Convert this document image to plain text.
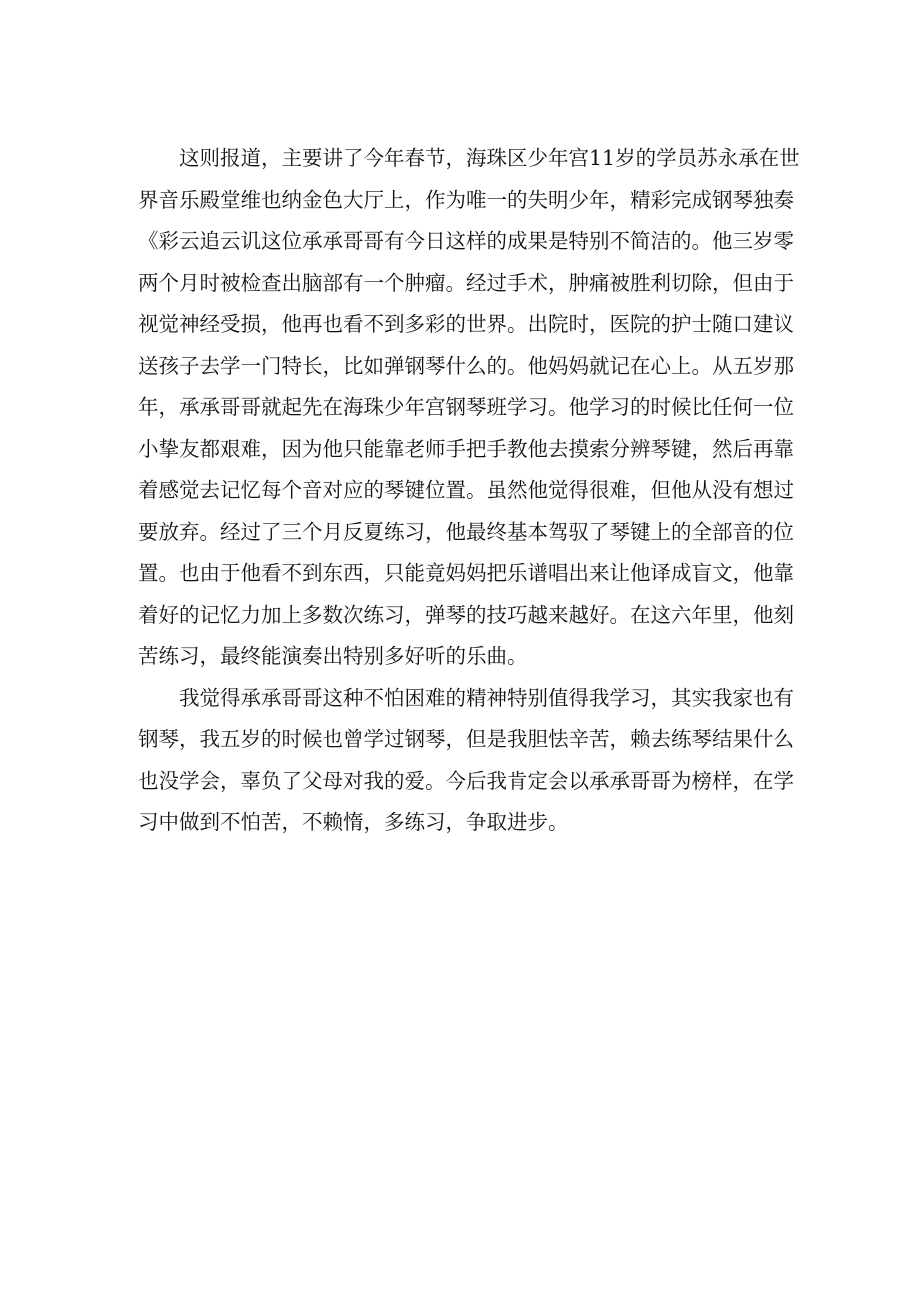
这则报道，主要讲了今年春节，海珠区少年宫11岁的学员苏永承在世
界音乐殿堂维也纳金色大厅上，作为唯一的失明少年，精彩完成钢琴独奏
《彩云追云讥这位承承哥哥有今日这样的成果是特别不简洁的。他三岁零
两个月时被检查出脑部有一个肿瘤。经过手术，肿痛被胜利切除，但由于
视觉神经受损，他再也看不到多彩的世界。出院时，医院的护士随口建议
送孩子去学一门特长，比如弹钢琴什么的。他妈妈就记在心上。从五岁那
年，承承哥哥就起先在海珠少年宫钢琴班学习。他学习的时候比任何一位
小挚友都艰难，因为他只能靠老师手把手教他去摸索分辨琴键，然后再靠
着感觉去记忆每个音对应的琴键位置。虽然他觉得很难，但他从没有想过
要放弃。经过了三个月反夏练习，他最终基本驾驭了琴键上的全部音的位
置。也由于他看不到东西，只能竟妈妈把乐谱唱出来让他译成盲文，他靠
着好的记忆力加上多数次练习，弹琴的技巧越来越好。在这六年里，他刻
苦练习，最终能演奏出特别多好听的乐曲。
我觉得承承哥哥这种不怕困难的精神特别值得我学习，其实我家也有
钢琴，我五岁的时候也曾学过钢琴，但是我胆怯辛苦，赖去练琴结果什么
也没学会，辜负了父母对我的爱。今后我肯定会以承承哥哥为榜样，在学
习中做到不怕苦，不赖惰，多练习，争取进步。
